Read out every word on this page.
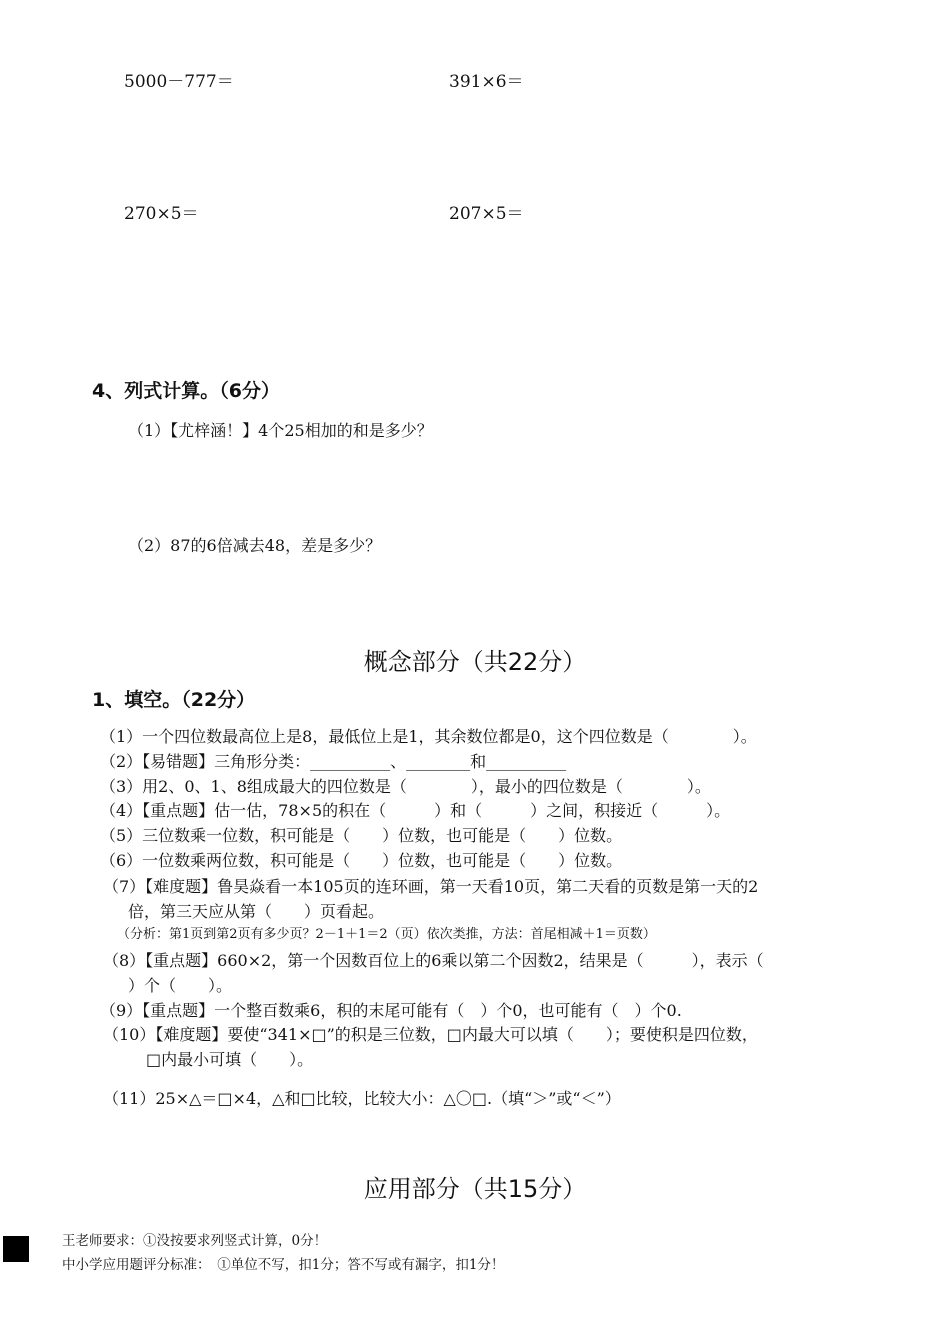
5000－777＝	391×6＝
270×5＝	207×5＝
4、列式计算。（6分）
（1）【尤梓涵！】4个25相加的和是多少？
（2）87的6倍减去48，差是多少？
概念部分（共22分）
1、填空。（22分）
（1）一个四位数最高位上是8，最低位上是1，其余数位都是0，这个四位数是（　　　　）。
（2）【易错题】三角形分类：__________、________和__________
（3）用2、0、1、8组成最大的四位数是（　　　　），最小的四位数是（　　　　）。
（4）【重点题】估一估，78×5的积在（　　　）和（　　　）之间，积接近（　　　）。
（5）三位数乘一位数，积可能是（　　）位数，也可能是（　　）位数。
（6）一位数乘两位数，积可能是（　　）位数，也可能是（　　）位数。
（7）【难度题】鲁昊焱看一本105页的连环画，第一天看10页，第二天看的页数是第一天的2
倍，第三天应从第（　　）页看起。
（分析：第1页到第2页有多少页？2－1＋1＝2（页）依次类推，方法：首尾相减＋1＝页数）
（8）【重点题】660×2，第一个因数百位上的6乘以第二个因数2，结果是（　　　），表示（
）个（　　）。
（9）【重点题】一个整百数乘6，积的末尾可能有（　）个0，也可能有（　）个0.
（10）【难度题】要使“341×□”的积是三位数，□内最大可以填（　　）；要使积是四位数，
□内最小可填（　　）。
（11）25×△＝□×4，△和□比较，比较大小：△〇□.（填“＞”或“＜”）
应用部分（共15分）
王老师要求：①没按要求列竖式计算，0分！
中小学应用题评分标准：　①单位不写，扣1分；答不写或有漏字，扣1分！
